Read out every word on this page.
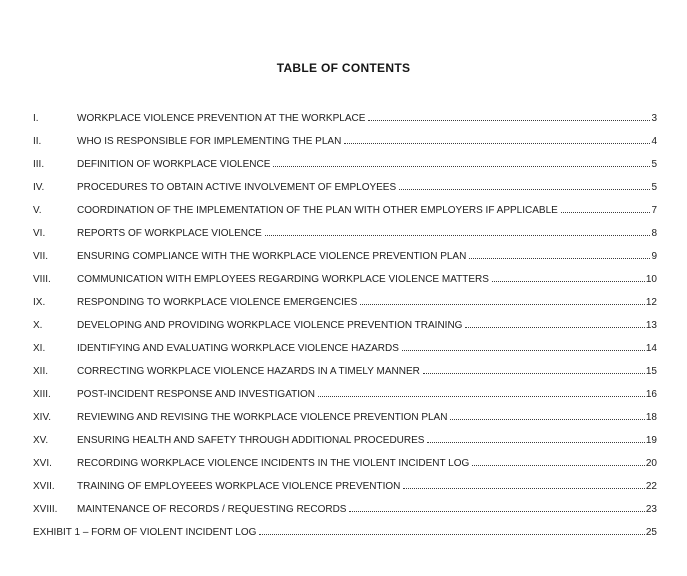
TABLE OF CONTENTS
I.	WORKPLACE VIOLENCE PREVENTION AT THE WORKPLACE	3
II.	WHO IS RESPONSIBLE FOR IMPLEMENTING THE PLAN	4
III.	DEFINITION OF WORKPLACE VIOLENCE	5
IV.	PROCEDURES TO OBTAIN ACTIVE INVOLVEMENT OF EMPLOYEES	5
V.	COORDINATION OF THE IMPLEMENTATION OF THE PLAN WITH OTHER EMPLOYERS IF APPLICABLE	7
VI.	REPORTS OF WORKPLACE VIOLENCE	8
VII.	ENSURING COMPLIANCE WITH THE WORKPLACE VIOLENCE PREVENTION PLAN	9
VIII.	COMMUNICATION WITH EMPLOYEES REGARDING WORKPLACE VIOLENCE MATTERS	10
IX.	RESPONDING TO WORKPLACE VIOLENCE EMERGENCIES	12
X.	DEVELOPING AND PROVIDING WORKPLACE VIOLENCE PREVENTION TRAINING	13
XI.	IDENTIFYING AND EVALUATING WORKPLACE VIOLENCE HAZARDS	14
XII.	CORRECTING WORKPLACE VIOLENCE HAZARDS IN A TIMELY MANNER	15
XIII.	POST-INCIDENT RESPONSE AND INVESTIGATION	16
XIV.	REVIEWING AND REVISING THE WORKPLACE VIOLENCE PREVENTION PLAN	18
XV.	ENSURING HEALTH AND SAFETY THROUGH ADDITIONAL PROCEDURES	19
XVI.	RECORDING WORKPLACE VIOLENCE INCIDENTS IN THE VIOLENT INCIDENT LOG	20
XVII.	TRAINING OF EMPLOYEEES WORKPLACE VIOLENCE PREVENTION	22
XVIII.	MAINTENANCE OF RECORDS / REQUESTING RECORDS	23
EXHIBIT 1 – FORM OF VIOLENT INCIDENT LOG	25
